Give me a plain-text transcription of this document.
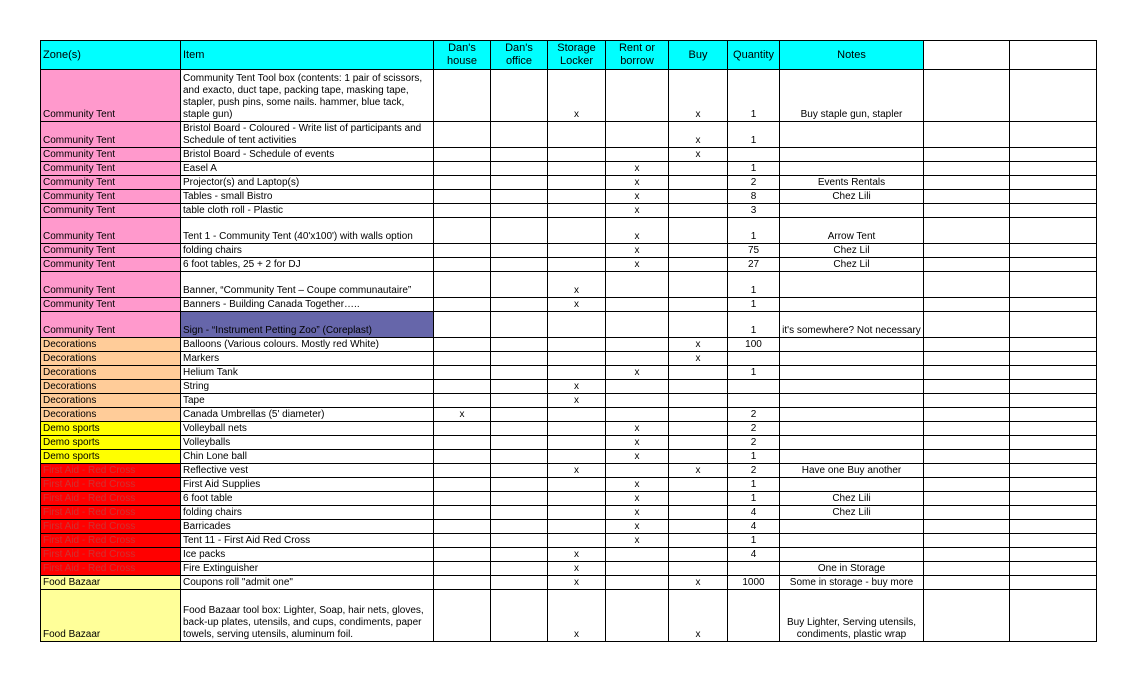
Zone(s)	Item	Dan's house	Dan's office	Storage Locker	Rent or borrow	Buy	Quantity	Notes		
Community Tent	Community Tent Tool box (contents: 1 pair of scissors, and exacto, duct tape, packing tape, masking tape, stapler, push pins, some nails. hammer, blue tack, staple gun)			x		x	1	Buy staple gun, stapler		
Community Tent	Bristol Board - Coloured - Write list of participants and Schedule of tent activities					x	1			
Community Tent	Bristol Board - Schedule of events					x				
Community Tent	Easel A				x		1			
Community Tent	Projector(s) and Laptop(s)				x		2	Events Rentals		
Community Tent	Tables - small Bistro				x		8	Chez Lili		
Community Tent	table cloth roll - Plastic				x		3			
Community Tent	Tent 1 - Community Tent (40'x100') with walls option				x		1	Arrow Tent		
Community Tent	folding chairs				x		75	Chez Lil		
Community Tent	6 foot tables, 25 + 2 for DJ				x		27	Chez Lil		
Community Tent	Banner, “Community Tent – Coupe communautaire”			x			1			
Community Tent	Banners - Building Canada Together…..			x			1			
Community Tent	Sign - “Instrument Petting Zoo” (Coreplast)						1	it's somewhere? Not necessary		
Decorations	Balloons (Various colours. Mostly red White)					x	100			
Decorations	Markers					x				
Decorations	Helium Tank				x		1			
Decorations	String			x						
Decorations	Tape			x						
Decorations	Canada Umbrellas (5' diameter)	x					2			
Demo sports	Volleyball nets				x		2			
Demo sports	Volleyballs				x		2			
Demo sports	Chin Lone ball				x		1			
First Aid - Red Cross	Reflective vest			x		x	2	Have one Buy another		
First Aid - Red Cross	First Aid Supplies				x		1			
First Aid - Red Cross	6 foot table				x		1	Chez Lili		
First Aid - Red Cross	folding chairs				x		4	Chez Lili		
First Aid - Red Cross	Barricades				x		4			
First Aid - Red Cross	Tent 11 - First Aid Red Cross				x		1			
First Aid - Red Cross	Ice packs			x			4			
First Aid - Red Cross	Fire Extinguisher			x				One in Storage		
Food Bazaar	Coupons roll "admit one"			x		x	1000	Some in storage - buy more		
Food Bazaar	Food Bazaar tool box: Lighter, Soap, hair nets, gloves, back-up plates, utensils, and cups, condiments, paper towels, serving utensils, aluminum foil.			x		x		Buy Lighter, Serving utensils, condiments, plastic wrap		
